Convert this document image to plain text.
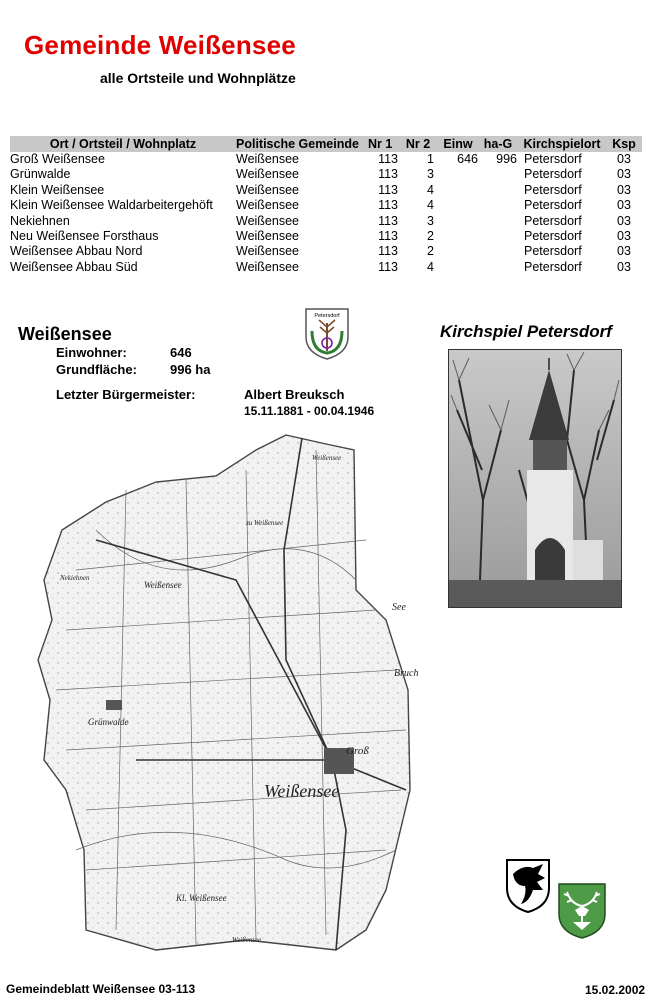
Gemeinde Weißensee
alle Ortsteile und Wohnplätze
Ort / Ortsteil / Wohnplatz	Politische Gemeinde	Nr 1	Nr 2	Einw	ha-G	Kirchspielort	Ksp
Groß Weißensee	Weißensee	113	1	646	996	Petersdorf	03
Grünwalde	Weißensee	113	3			Petersdorf	03
Klein Weißensee	Weißensee	113	4			Petersdorf	03
Klein Weißensee Waldarbeitergehöft	Weißensee	113	4			Petersdorf	03
Nekiehnen	Weißensee	113	3			Petersdorf	03
Neu Weißensee Forsthaus	Weißensee	113	2			Petersdorf	03
Weißensee Abbau Nord	Weißensee	113	2			Petersdorf	03
Weißensee Abbau Süd	Weißensee	113	4			Petersdorf	03
Weißensee
Einwohner:	646
Grundfläche:	996 ha
Letzter Bürgermeister:	Albert Breuksch
15.11.1881 - 00.04.1946
Petersdorf
Kirchspiel Petersdorf
Weißensee
Groß
See
Bruch
Grünwalde
Kl. Weißensee
Weißensee
Nekiehnen
Weißensee
Weißensee
zu Weißensee
Gemeindeblatt Weißensee 03-113	15.02.2002
